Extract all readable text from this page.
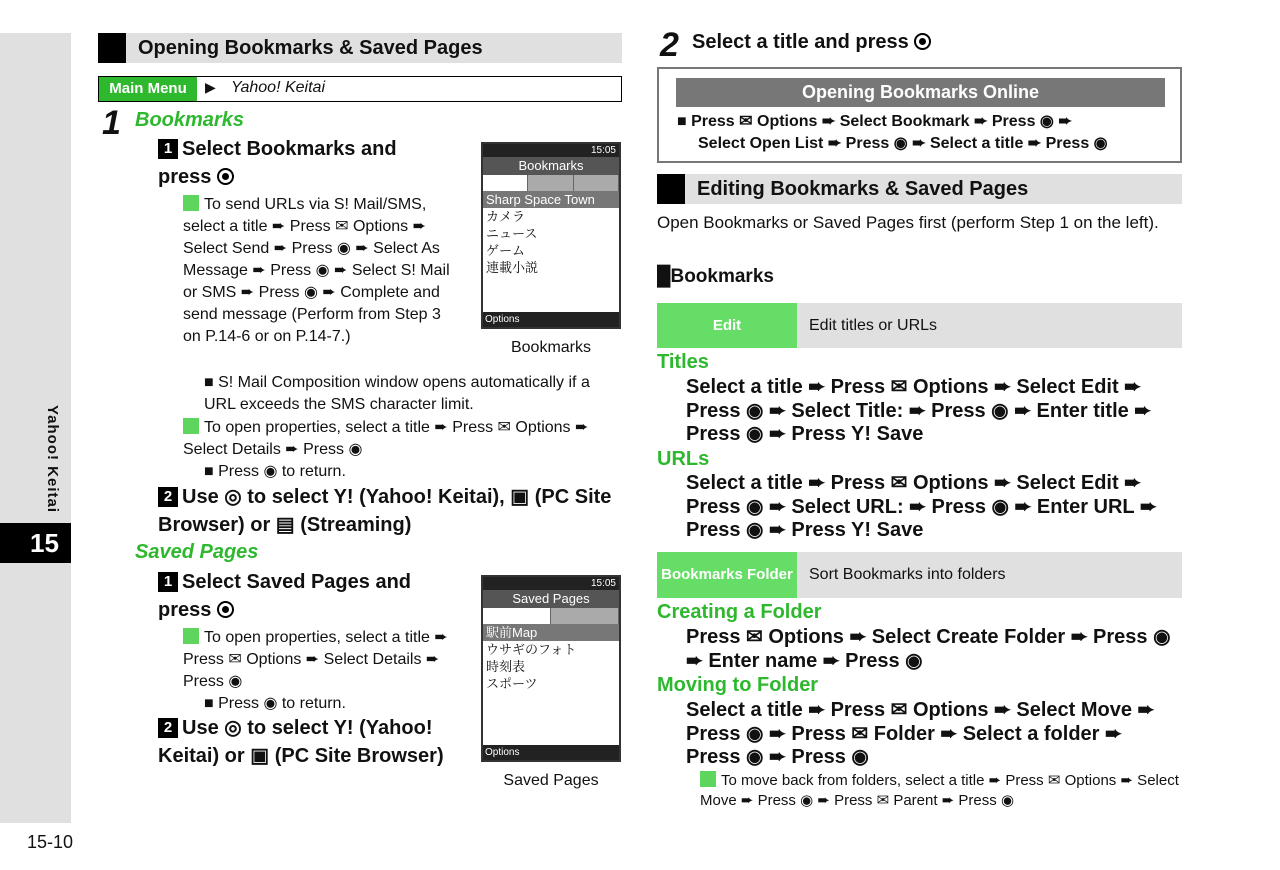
Yahoo! Keitai
15
15-10
Opening Bookmarks & Saved Pages
Main Menu	▶ Yahoo! Keitai
1 Bookmarks
1 Select Bookmarks and press
To send URLs via S! Mail/SMS, select a title ➨ Press ✉ Options ➨ Select Send ➨ Press ◉ ➨ Select As Message ➨ Press ◉ ➨ Select S! Mail or SMS ➨ Press ◉ ➨ Complete and send message (Perform from Step 3 on P.14-6 or on P.14-7.)
■ S! Mail Composition window opens automatically if a URL exceeds the SMS character limit.
To open properties, select a title ➨ Press ✉ Options ➨ Select Details ➨ Press ◉
■ Press ◉ to return.
2 Use ◎ to select Y! (Yahoo! Keitai), ▣ (PC Site Browser) or ▤ (Streaming)
Saved Pages
1 Select Saved Pages and press
To open properties, select a title ➨ Press ✉ Options ➨ Select Details ➨ Press ◉
■ Press ◉ to return.
2 Use ◎ to select Y! (Yahoo! Keitai) or ▣ (PC Site Browser)
15:05
Bookmarks
Sharp Space Town
カメラ
ニュース
ゲーム
連載小説
Options
Bookmarks
15:05
Saved Pages
駅前Map
ウサギのフォト
時刻表
スポーツ
Options
Saved Pages
2 Select a title and press
Opening Bookmarks Online
■ Press ✉ Options ➨ Select Bookmark ➨ Press ◉ ➨
Select Open List ➨ Press ◉ ➨ Select a title ➨ Press ◉
Editing Bookmarks & Saved Pages
Open Bookmarks or Saved Pages first (perform Step 1 on the left).
█Bookmarks
Edit	Edit titles or URLs
Titles
Select a title ➨ Press ✉ Options ➨ Select Edit ➨
Press ◉ ➨ Select Title: ➨ Press ◉ ➨ Enter title ➨
Press ◉ ➨ Press Y! Save
URLs
Select a title ➨ Press ✉ Options ➨ Select Edit ➨
Press ◉ ➨ Select URL: ➨ Press ◉ ➨ Enter URL ➨
Press ◉ ➨ Press Y! Save
Bookmarks Folder	Sort Bookmarks into folders
Creating a Folder
Press ✉ Options ➨ Select Create Folder ➨ Press ◉
➨ Enter name ➨ Press ◉
Moving to Folder
Select a title ➨ Press ✉ Options ➨ Select Move ➨
Press ◉ ➨ Press ✉ Folder ➨ Select a folder ➨
Press ◉ ➨ Press ◉
To move back from folders, select a title ➨ Press ✉ Options ➨ Select Move ➨ Press ◉ ➨ Press ✉ Parent ➨ Press ◉
